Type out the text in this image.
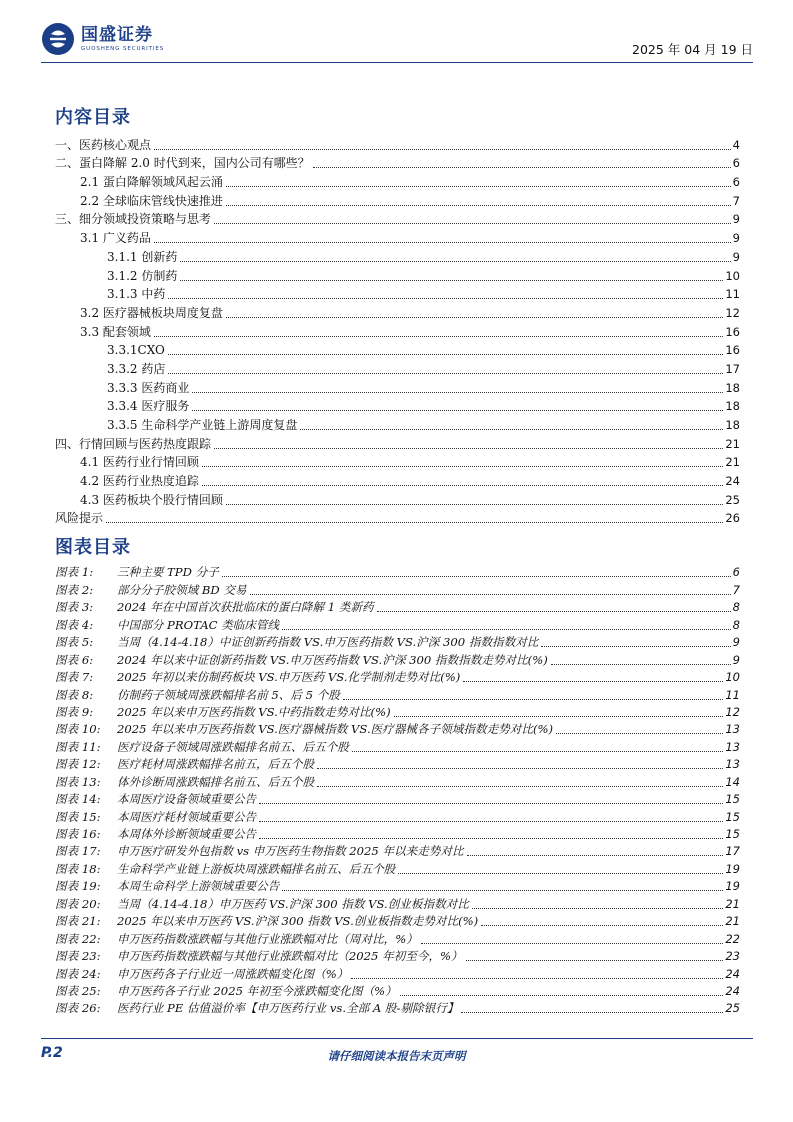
国盛证券
GUOSHENG SECURITIES	2025 年 04 月 19 日
内容目录
一、医药核心观点	4
二、蛋白降解 2.0 时代到来，国内公司有哪些？	6
2.1 蛋白降解领域风起云涌	6
2.2 全球临床管线快速推进	7
三、细分领域投资策略与思考	9
3.1 广义药品	9
3.1.1 创新药	9
3.1.2 仿制药	10
3.1.3 中药	11
3.2 医疗器械板块周度复盘	12
3.3 配套领域	16
3.3.1CXO	16
3.3.2 药店	17
3.3.3 医药商业	18
3.3.4 医疗服务	18
3.3.5 生命科学产业链上游周度复盘	18
四、行情回顾与医药热度跟踪	21
4.1 医药行业行情回顾	21
4.2 医药行业热度追踪	24
4.3 医药板块个股行情回顾	25
风险提示	26
图表目录
图表 1:	三种主要 TPD 分子	6
图表 2:	部分分子胶领域 BD 交易	7
图表 3:	2024 年在中国首次获批临床的蛋白降解 1 类新药	8
图表 4:	中国部分 PROTAC 类临床管线	8
图表 5:	当周（4.14-4.18）中证创新药指数 VS.申万医药指数 VS.沪深 300 指数指数对比	9
图表 6:	2024 年以来中证创新药指数 VS.申万医药指数 VS.沪深 300 指数指数走势对比(%)	9
图表 7:	2025 年初以来仿制药板块 VS.申万医药 VS.化学制剂走势对比(%)	10
图表 8:	仿制药子领域周涨跌幅排名前 5、后 5 个股	11
图表 9:	2025 年以来申万医药指数 VS.中药指数走势对比(%)	12
图表 10:	2025 年以来申万医药指数 VS.医疗器械指数 VS.医疗器械各子领域指数走势对比(%)	13
图表 11:	医疗设备子领域周涨跌幅排名前五、后五个股	13
图表 12:	医疗耗材周涨跌幅排名前五，后五个股	13
图表 13:	体外诊断周涨跌幅排名前五、后五个股	14
图表 14:	本周医疗设备领域重要公告	15
图表 15:	本周医疗耗材领域重要公告	15
图表 16:	本周体外诊断领域重要公告	15
图表 17:	申万医疗研发外包指数 vs 申万医药生物指数 2025 年以来走势对比	17
图表 18:	生命科学产业链上游板块周涨跌幅排名前五、后五个股	19
图表 19:	本周生命科学上游领域重要公告	19
图表 20:	当周（4.14-4.18）申万医药 VS.沪深 300 指数 VS.创业板指数对比	21
图表 21:	2025 年以来申万医药 VS.沪深 300 指数 VS.创业板指数走势对比(%)	21
图表 22:	申万医药指数涨跌幅与其他行业涨跌幅对比（周对比，%）	22
图表 23:	申万医药指数涨跌幅与其他行业涨跌幅对比（2025 年初至今，%）	23
图表 24:	申万医药各子行业近一周涨跌幅变化图（%）	24
图表 25:	申万医药各子行业 2025 年初至今涨跌幅变化图（%）	24
图表 26:	医药行业 PE 估值溢价率【申万医药行业 vs.全部 A 股-剔除银行】	25
P.2	请仔细阅读本报告末页声明
